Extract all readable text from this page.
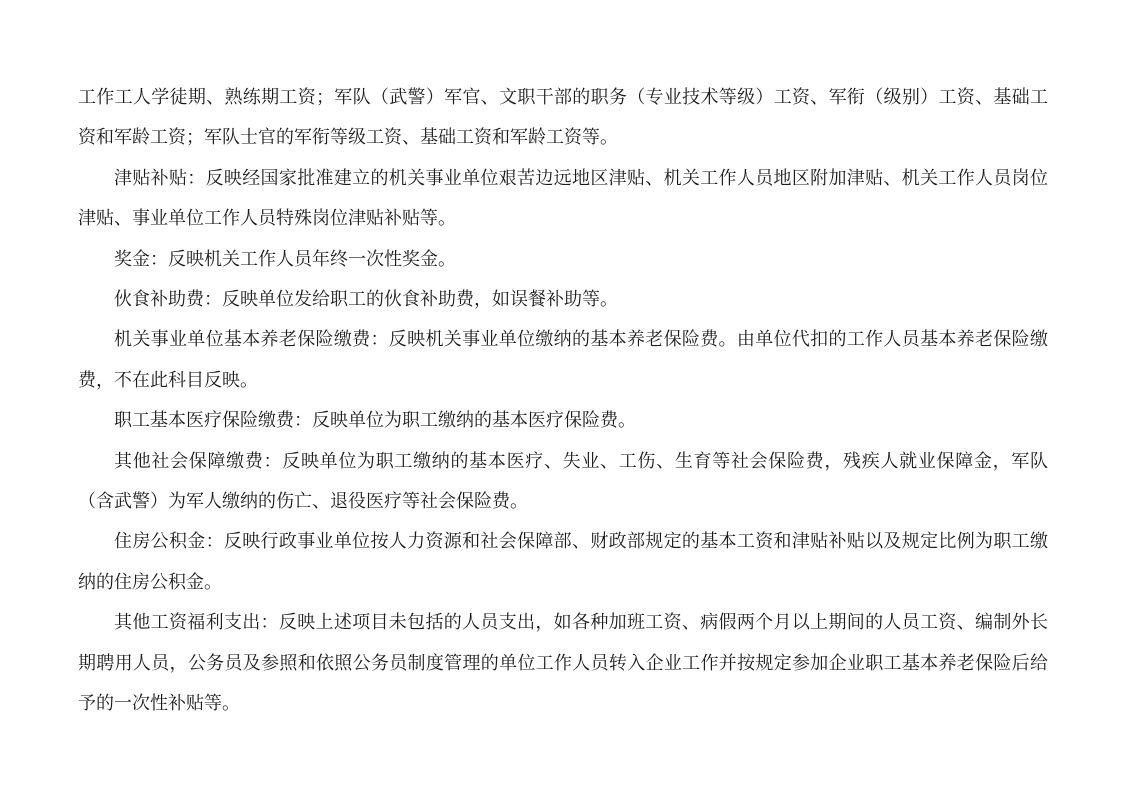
工作工人学徒期、熟练期工资；军队（武警）军官、文职干部的职务（专业技术等级）工资、军衔（级别）工资、基础工资和军龄工资；军队士官的军衔等级工资、基础工资和军龄工资等。

津贴补贴：反映经国家批准建立的机关事业单位艰苦边远地区津贴、机关工作人员地区附加津贴、机关工作人员岗位津贴、事业单位工作人员特殊岗位津贴补贴等。

奖金：反映机关工作人员年终一次性奖金。

伙食补助费：反映单位发给职工的伙食补助费，如误餐补助等。

机关事业单位基本养老保险缴费：反映机关事业单位缴纳的基本养老保险费。由单位代扣的工作人员基本养老保险缴费，不在此科目反映。

职工基本医疗保险缴费：反映单位为职工缴纳的基本医疗保险费。

其他社会保障缴费：反映单位为职工缴纳的基本医疗、失业、工伤、生育等社会保险费，残疾人就业保障金，军队（含武警）为军人缴纳的伤亡、退役医疗等社会保险费。

住房公积金：反映行政事业单位按人力资源和社会保障部、财政部规定的基本工资和津贴补贴以及规定比例为职工缴纳的住房公积金。

其他工资福利支出：反映上述项目未包括的人员支出，如各种加班工资、病假两个月以上期间的人员工资、编制外长期聘用人员，公务员及参照和依照公务员制度管理的单位工作人员转入企业工作并按规定参加企业职工基本养老保险后给予的一次性补贴等。
